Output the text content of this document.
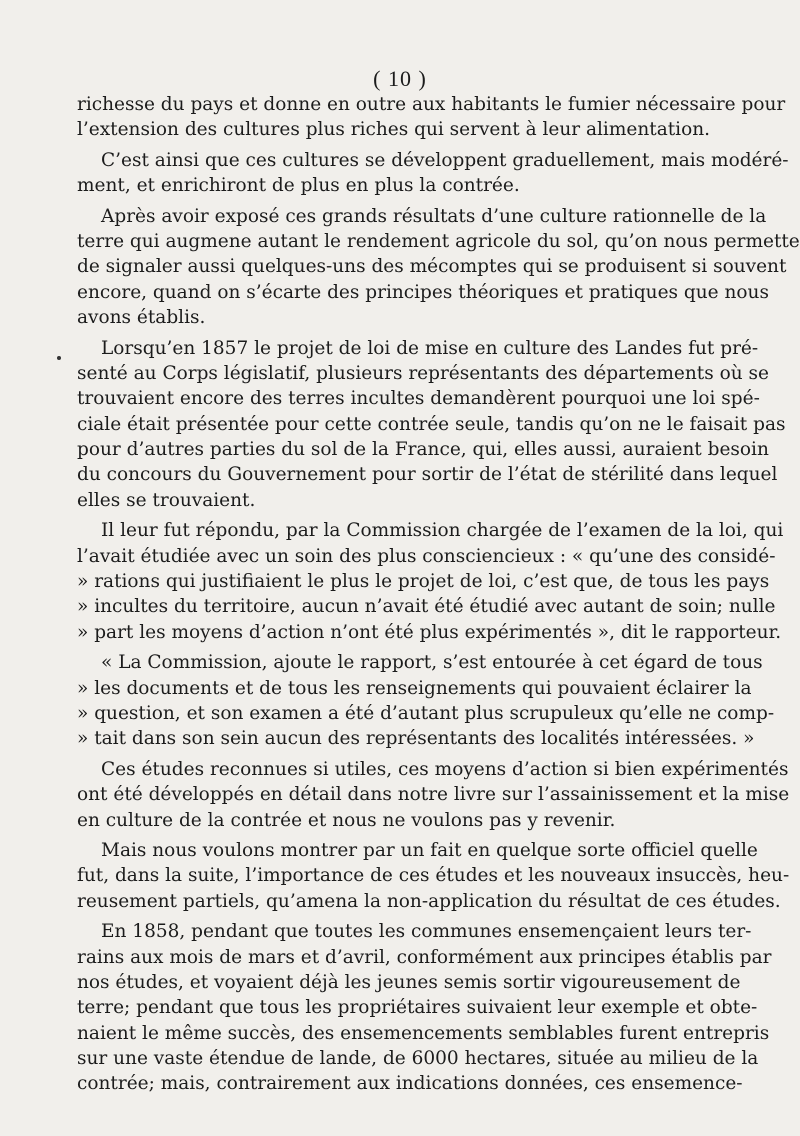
( 10 )
richesse du pays et donne en outre aux habitants le fumier nécessaire pour
l’extension des cultures plus riches qui servent à leur alimentation.
C’est ainsi que ces cultures se développent graduellement, mais modéré-
ment, et enrichiront de plus en plus la contrée.
Après avoir exposé ces grands résultats d’une culture rationnelle de la
terre qui augmene autant le rendement agricole du sol, qu’on nous permette
de signaler aussi quelques-uns des mécomptes qui se produisent si souvent
encore, quand on s’écarte des principes théoriques et pratiques que nous
avons établis.
Lorsqu’en 1857 le projet de loi de mise en culture des Landes fut pré-
senté au Corps législatif, plusieurs représentants des départements où se
trouvaient encore des terres incultes demandèrent pourquoi une loi spé-
ciale était présentée pour cette contrée seule, tandis qu’on ne le faisait pas
pour d’autres parties du sol de la France, qui, elles aussi, auraient besoin
du concours du Gouvernement pour sortir de l’état de stérilité dans lequel
elles se trouvaient.
Il leur fut répondu, par la Commission chargée de l’examen de la loi, qui
l’avait étudiée avec un soin des plus consciencieux : « qu’une des considé-
» rations qui justifiaient le plus le projet de loi, c’est que, de tous les pays
» incultes du territoire, aucun n’avait été étudié avec autant de soin; nulle
» part les moyens d’action n’ont été plus expérimentés », dit le rapporteur.
« La Commission, ajoute le rapport, s’est entourée à cet égard de tous
» les documents et de tous les renseignements qui pouvaient éclairer la
» question, et son examen a été d’autant plus scrupuleux qu’elle ne comp-
» tait dans son sein aucun des représentants des localités intéressées. »
Ces études reconnues si utiles, ces moyens d’action si bien expérimentés
ont été développés en détail dans notre livre sur l’assainissement et la mise
en culture de la contrée et nous ne voulons pas y revenir.
Mais nous voulons montrer par un fait en quelque sorte officiel quelle
fut, dans la suite, l’importance de ces études et les nouveaux insuccès, heu-
reusement partiels, qu’amena la non-application du résultat de ces études.
En 1858, pendant que toutes les communes ensemençaient leurs ter-
rains aux mois de mars et d’avril, conformément aux principes établis par
nos études, et voyaient déjà les jeunes semis sortir vigoureusement de
terre; pendant que tous les propriétaires suivaient leur exemple et obte-
naient le même succès, des ensemencements semblables furent entrepris
sur une vaste étendue de lande, de 6000 hectares, située au milieu de la
contrée; mais, contrairement aux indications données, ces ensemence-
